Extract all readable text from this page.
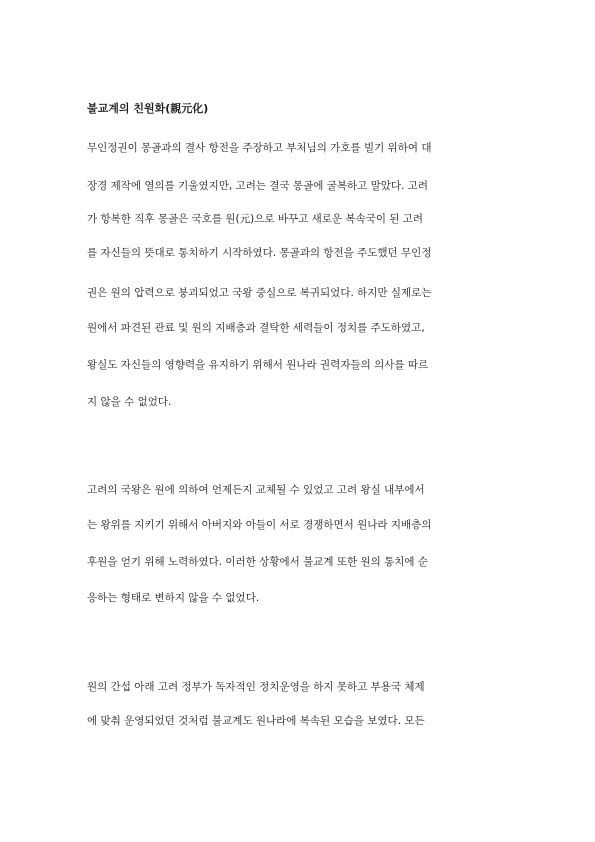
불교계의 친원화(親元化)
무인정권이 몽골과의 결사 항전을 주장하고 부처님의 가호를 빌기 위하여 대
장경 제작에 열의를 기울였지만, 고려는 결국 몽골에 굴복하고 말았다. 고려
가 항복한 직후 몽골은 국호를 원(元)으로 바꾸고 새로운 복속국이 된 고려
를 자신들의 뜻대로 통치하기 시작하였다. 몽골과의 항전을 주도했던 무인정
권은 원의 압력으로 붕괴되었고 국왕 중심으로 복귀되었다. 하지만 실제로는
원에서 파견된 관료 및 원의 지배층과 결탁한 세력들이 정치를 주도하였고,
왕실도 자신들의 영향력을 유지하기 위해서 원나라 권력자들의 의사를 따르
지 않을 수 없었다.
고려의 국왕은 원에 의하여 언제든지 교체될 수 있었고 고려 왕실 내부에서
는 왕위를 지키기 위해서 아버지와 아들이 서로 경쟁하면서 원나라 지배층의
후원을 얻기 위해 노력하였다. 이러한 상황에서 불교계 또한 원의 통치에 순
응하는 형태로 변하지 않을 수 없었다.
원의 간섭 아래 고려 정부가 독자적인 정치운영을 하지 못하고 부용국 체제
에 맞춰 운영되었던 것처럼 불교계도 원나라에 복속된 모습을 보였다. 모든
